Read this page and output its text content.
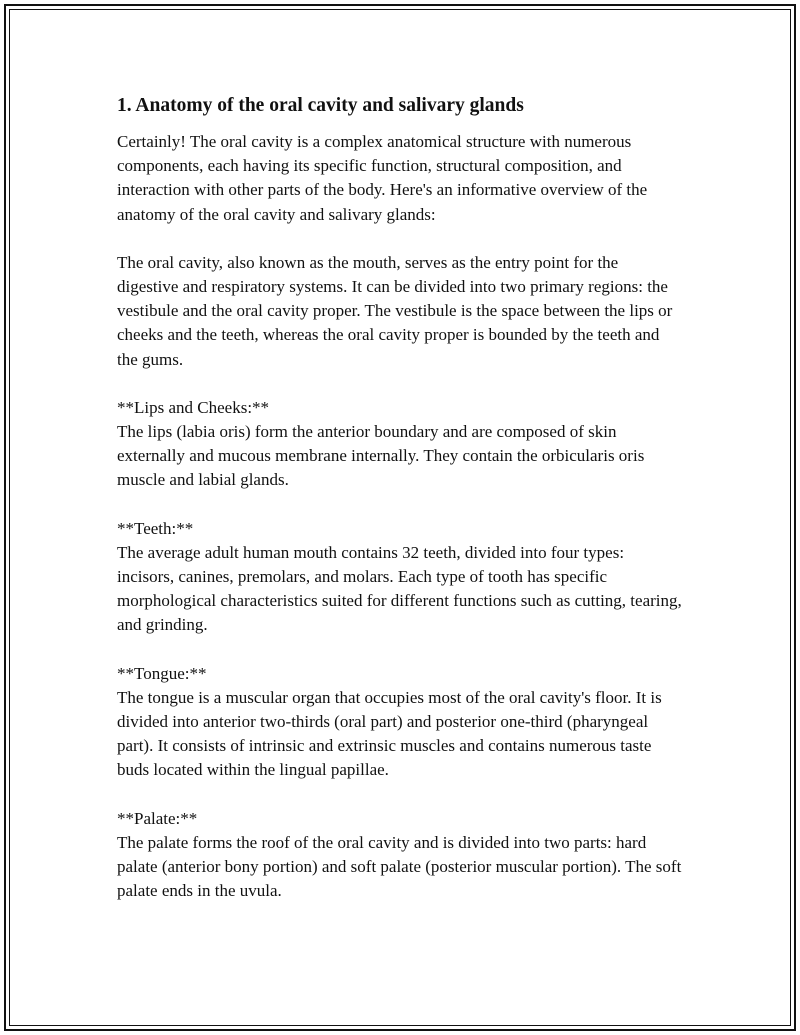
1. Anatomy of the oral cavity and salivary glands

Certainly! The oral cavity is a complex anatomical structure with numerous components, each having its specific function, structural composition, and interaction with other parts of the body. Here's an informative overview of the anatomy of the oral cavity and salivary glands:

The oral cavity, also known as the mouth, serves as the entry point for the digestive and respiratory systems. It can be divided into two primary regions: the vestibule and the oral cavity proper. The vestibule is the space between the lips or cheeks and the teeth, whereas the oral cavity proper is bounded by the teeth and the gums.

**Lips and Cheeks:**
The lips (labia oris) form the anterior boundary and are composed of skin externally and mucous membrane internally. They contain the orbicularis oris muscle and labial glands.

**Teeth:**
The average adult human mouth contains 32 teeth, divided into four types: incisors, canines, premolars, and molars. Each type of tooth has specific morphological characteristics suited for different functions such as cutting, tearing, and grinding.

**Tongue:**
The tongue is a muscular organ that occupies most of the oral cavity's floor. It is divided into anterior two-thirds (oral part) and posterior one-third (pharyngeal part). It consists of intrinsic and extrinsic muscles and contains numerous taste buds located within the lingual papillae.

**Palate:**
The palate forms the roof of the oral cavity and is divided into two parts: hard palate (anterior bony portion) and soft palate (posterior muscular portion). The soft palate ends in the uvula.
